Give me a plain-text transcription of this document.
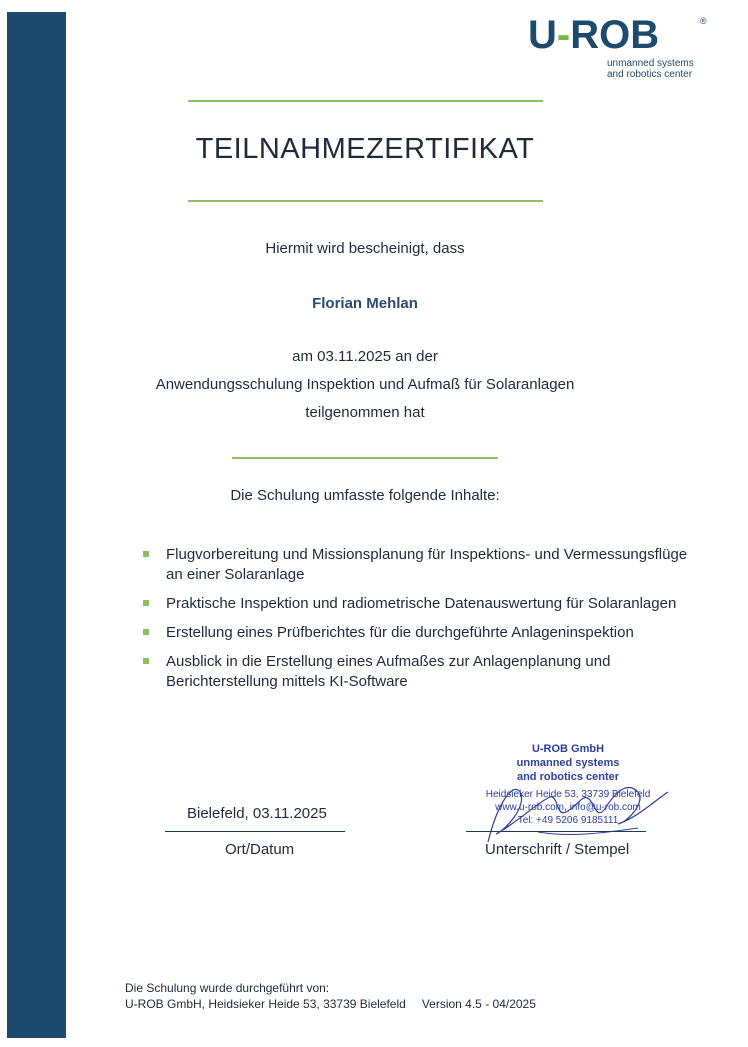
U-ROB	®
unmanned systems
and robotics center
TEILNAHMEZERTIFIKAT
Hiermit wird bescheinigt, dass
Florian Mehlan
am 03.11.2025 an der
Anwendungsschulung Inspektion und Aufmaß für Solaranlagen
teilgenommen hat
Die Schulung umfasste folgende Inhalte:
Flugvorbereitung und Missionsplanung für Inspektions- und Vermessungsflüge an einer Solaranlage
Praktische Inspektion und radiometrische Datenauswertung für Solaranlagen
Erstellung eines Prüfberichtes für die durchgeführte Anlageninspektion
Ausblick in die Erstellung eines Aufmaßes zur Anlagenplanung und Berichterstellung mittels KI-Software
Bielefeld, 03.11.2025
Ort/Datum
U-ROB GmbH
unmanned systems
and robotics center
Heidsieker Heide 53, 33739 Bielefeld
www.u-rob.com, info@u-rob.com
Tel: +49 5206 9185111
Unterschrift / Stempel
Die Schulung wurde durchgeführt von:
U-ROB GmbH, Heidsieker Heide 53, 33739 Bielefeld Version 4.5 - 04/2025
